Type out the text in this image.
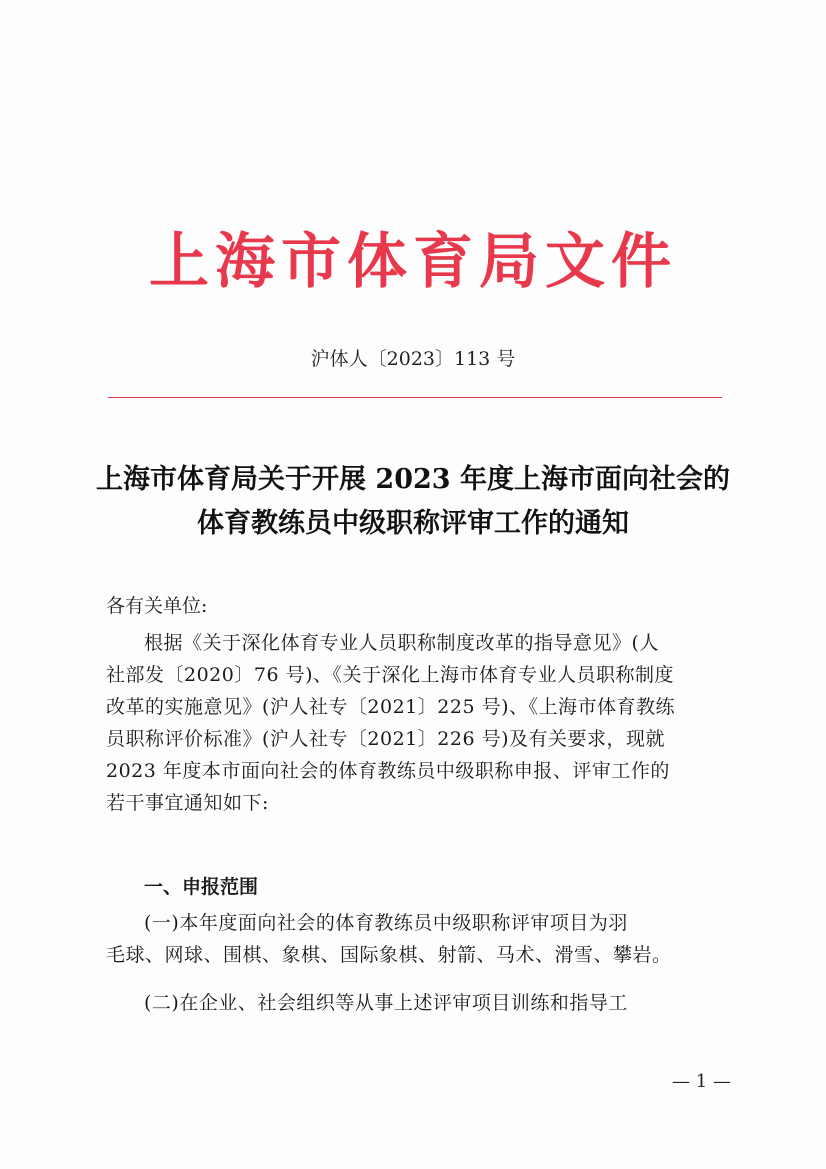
上海市体育局文件
沪体人〔2023〕113 号
上海市体育局关于开展 2023 年度上海市面向社会的
体育教练员中级职称评审工作的通知
各有关单位:
根据《关于深化体育专业人员职称制度改革的指导意见》(人
社部发〔2020〕76 号)、《关于深化上海市体育专业人员职称制度
改革的实施意见》(沪人社专〔2021〕225 号)、《上海市体育教练
员职称评价标准》(沪人社专〔2021〕226 号)及有关要求，现就
2023 年度本市面向社会的体育教练员中级职称申报、评审工作的
若干事宜通知如下:
一、申报范围
(一)本年度面向社会的体育教练员中级职称评审项目为羽
毛球、网球、围棋、象棋、国际象棋、射箭、马术、滑雪、攀岩。
(二)在企业、社会组织等从事上述评审项目训练和指导工
— 1 —
